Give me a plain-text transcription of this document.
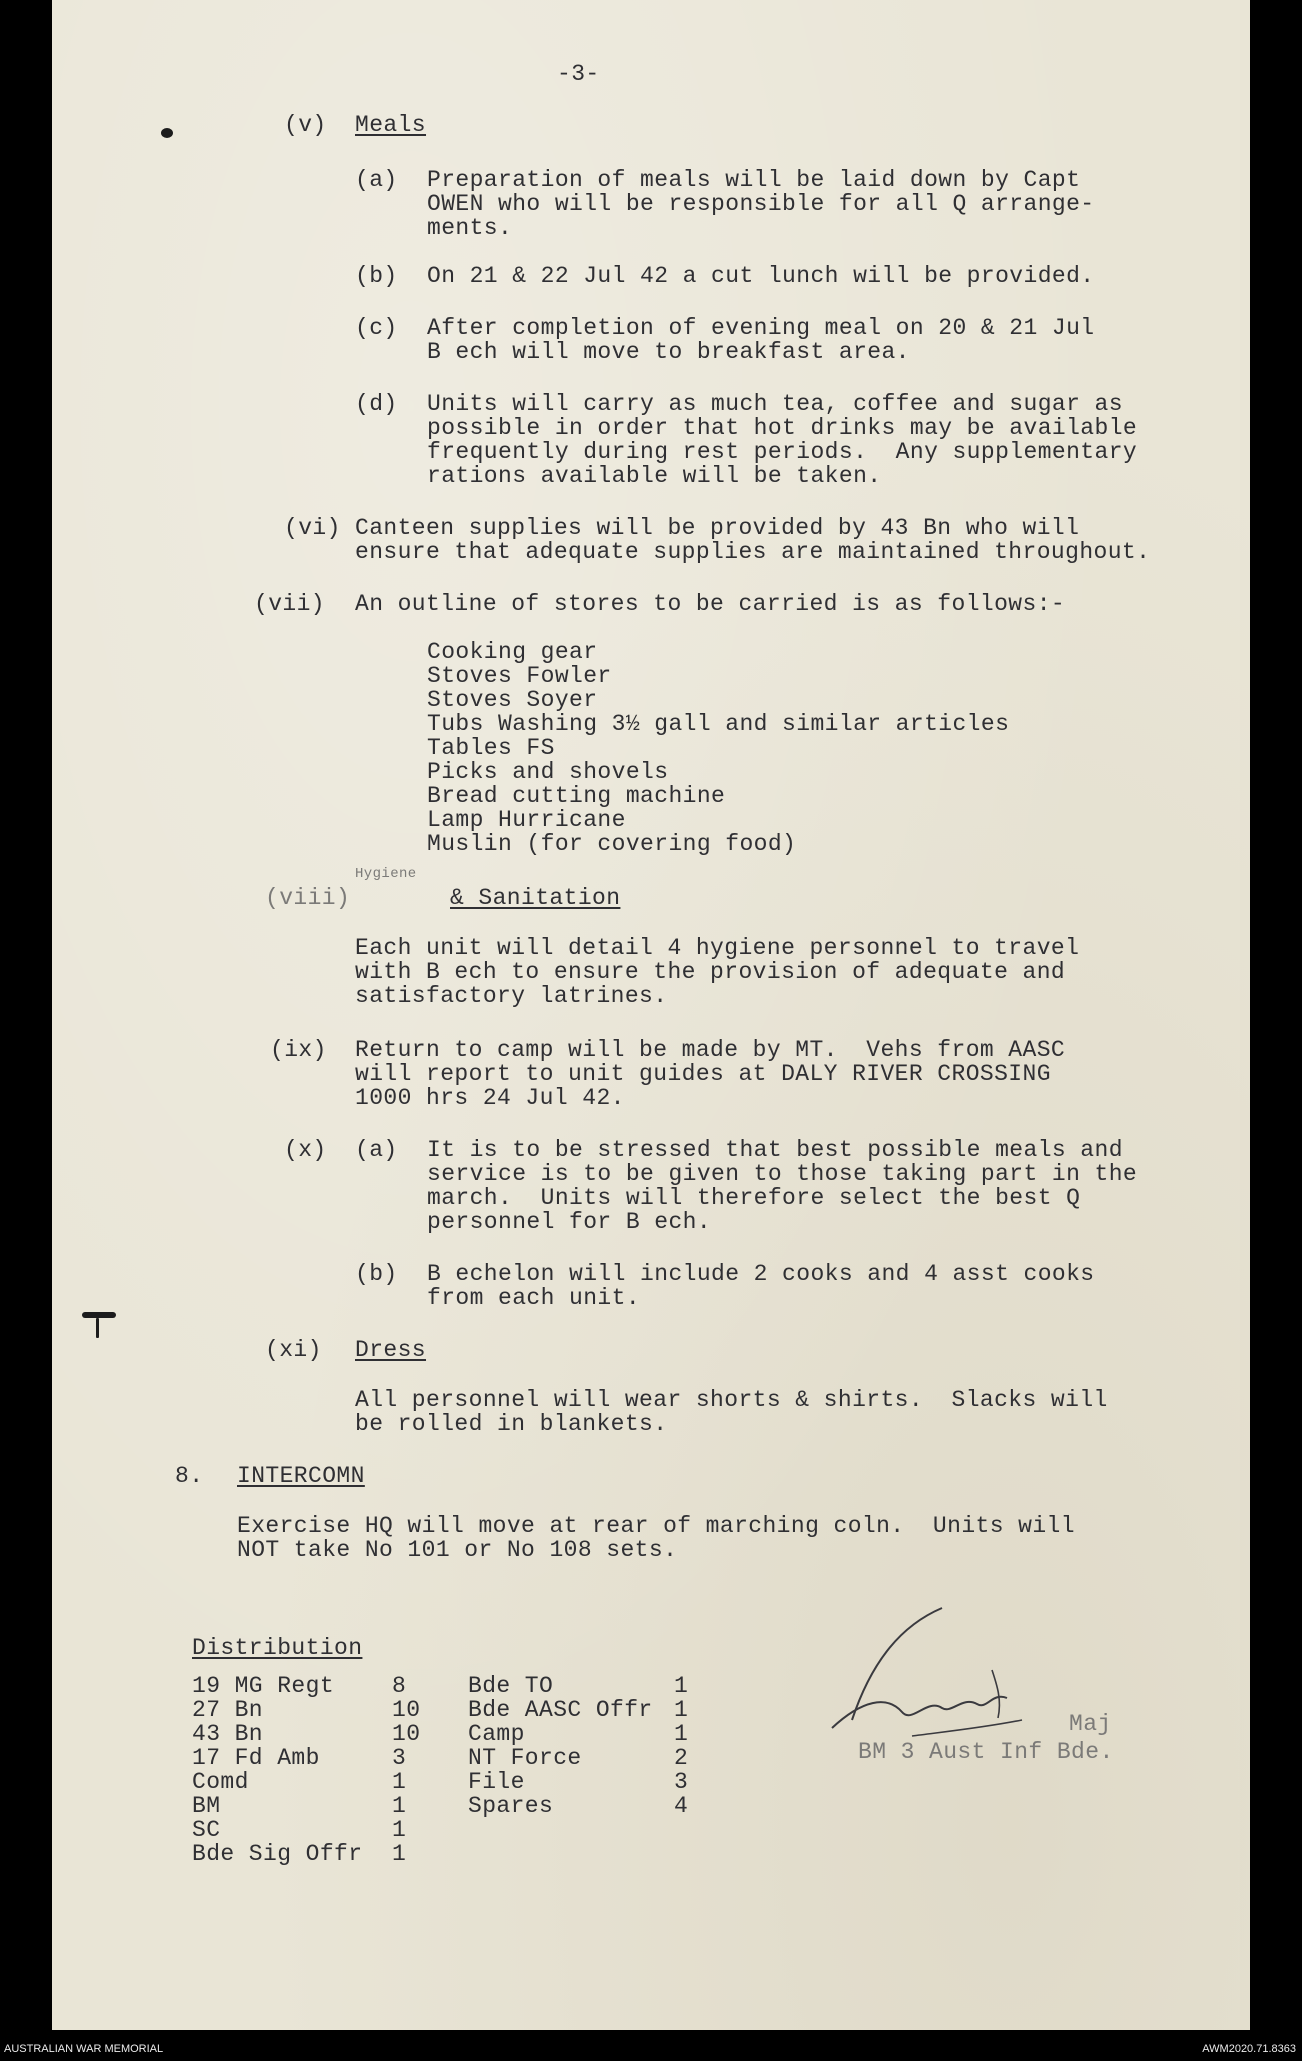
-3-
(v) Meals
(a) Preparation of meals will be laid down by Capt
OWEN who will be responsible for all Q arrange-
ments.
(b) On 21 & 22 Jul 42 a cut lunch will be provided.
(c) After completion of evening meal on 20 & 21 Jul
B ech will move to breakfast area.
(d) Units will carry as much tea, coffee and sugar as
possible in order that hot drinks may be available
frequently during rest periods.  Any supplementary
rations available will be taken.
(vi) Canteen supplies will be provided by 43 Bn who will
ensure that adequate supplies are maintained throughout.
(vii) An outline of stores to be carried is as follows:-
Cooking gear
Stoves Fowler
Stoves Soyer
Tubs Washing 3½ gall and similar articles
Tables FS
Picks and shovels
Bread cutting machine
Lamp Hurricane
Muslin (for covering food)
(viii)
Hygiene
& Sanitation
Each unit will detail 4 hygiene personnel to travel
with B ech to ensure the provision of adequate and
satisfactory latrines.
(ix) Return to camp will be made by MT.  Vehs from AASC
will report to unit guides at DALY RIVER CROSSING
1000 hrs 24 Jul 42.
(x) (a) It is to be stressed that best possible meals and
service is to be given to those taking part in the
march.  Units will therefore select the best Q
personnel for B ech.
(b) B echelon will include 2 cooks and 4 asst cooks
from each unit.
(xi) Dress
All personnel will wear shorts & shirts.  Slacks will
be rolled in blankets.
8. INTERCOMN
Exercise HQ will move at rear of marching coln.  Units will
NOT take No 101 or No 108 sets.
Distribution
19 MG Regt	8
27 Bn	10
43 Bn	10
17 Fd Amb	3
Comd	1
BM	1
SC	1
Bde Sig Offr 1
Bde TO	1
Bde AASC Offr 1
Camp	1
NT Force	2
File	3
Spares	4
Maj
BM 3 Aust Inf Bde.
AUSTRALIAN WAR MEMORIAL	AWM2020.71.8363
